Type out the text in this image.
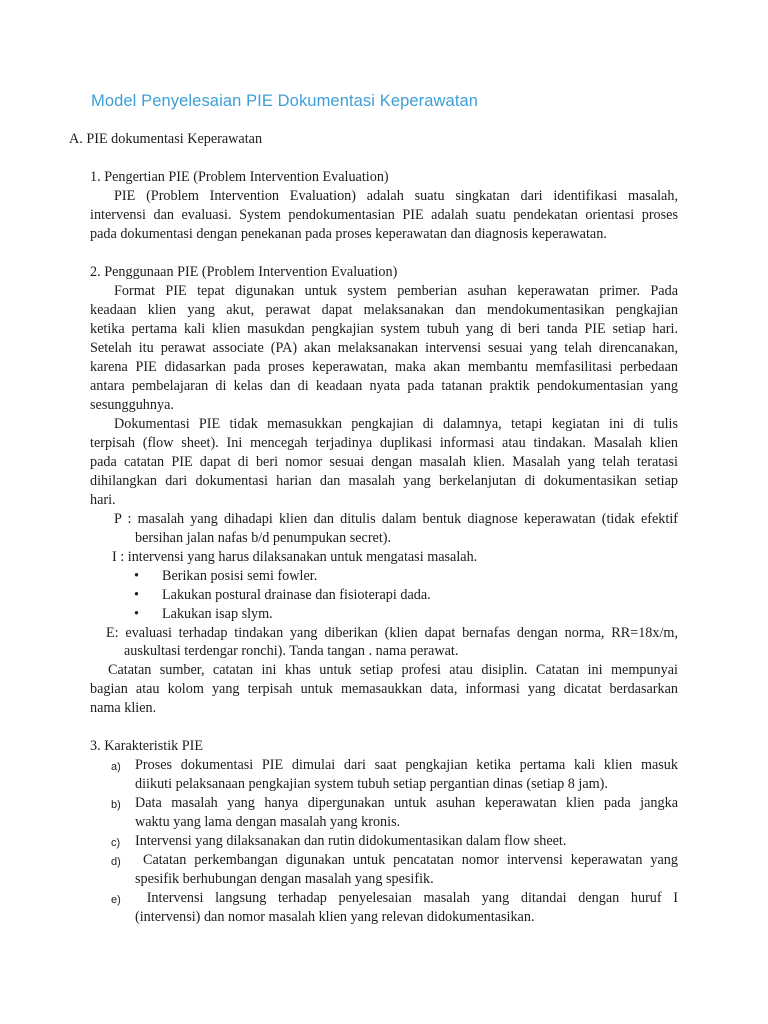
Model Penyelesaian PIE Dokumentasi Keperawatan
A. PIE dokumentasi Keperawatan
1. Pengertian PIE (Problem Intervention Evaluation)
PIE (Problem Intervention Evaluation) adalah suatu singkatan dari identifikasi masalah,
intervensi dan evaluasi. System pendokumentasian PIE adalah suatu pendekatan orientasi proses
pada dokumentasi dengan penekanan pada proses keperawatan dan diagnosis keperawatan.
2. Penggunaan PIE (Problem Intervention Evaluation)
Format PIE tepat digunakan untuk system pemberian asuhan keperawatan primer. Pada
keadaan klien yang akut, perawat dapat melaksanakan dan mendokumentasikan pengkajian
ketika pertama kali klien masukdan pengkajian system tubuh yang di beri tanda PIE setiap hari.
Setelah itu perawat associate (PA) akan melaksanakan intervensi sesuai yang telah direncanakan,
karena PIE didasarkan pada proses keperawatan, maka akan membantu memfasilitasi perbedaan
antara pembelajaran di kelas dan di keadaan nyata pada tatanan praktik pendokumentasian yang
sesungguhnya.
Dokumentasi PIE tidak memasukkan pengkajian di dalamnya, tetapi kegiatan ini di tulis
terpisah (flow sheet). Ini mencegah terjadinya duplikasi informasi atau tindakan. Masalah klien
pada catatan PIE dapat di beri nomor sesuai dengan masalah klien. Masalah yang telah teratasi
dihilangkan dari dokumentasi harian dan masalah yang berkelanjutan di dokumentasikan setiap
hari.
P : masalah yang dihadapi klien dan ditulis dalam bentuk diagnose keperawatan (tidak efektif
bersihan jalan nafas b/d penumpukan secret).
I : intervensi yang harus dilaksanakan untuk mengatasi masalah.
• Berikan posisi semi fowler.
• Lakukan postural drainase dan fisioterapi dada.
• Lakukan isap slym.
E: evaluasi terhadap tindakan yang diberikan (klien dapat bernafas dengan norma, RR=18x/m,
auskultasi terdengar ronchi). Tanda tangan . nama perawat.
Catatan sumber, catatan ini khas untuk setiap profesi atau disiplin. Catatan ini mempunyai
bagian atau kolom yang terpisah untuk memasaukkan data, informasi yang dicatat berdasarkan
nama klien.
3. Karakteristik PIE
a) Proses dokumentasi PIE dimulai dari saat pengkajian ketika pertama kali klien masuk
diikuti pelaksanaan pengkajian system tubuh setiap pergantian dinas (setiap 8 jam).
b) Data masalah yang hanya dipergunakan untuk asuhan keperawatan klien pada jangka
waktu yang lama dengan masalah yang kronis.
c) Intervensi yang dilaksanakan dan rutin didokumentasikan dalam flow sheet.
d) Catatan perkembangan digunakan untuk pencatatan nomor intervensi keperawatan yang
spesifik berhubungan dengan masalah yang spesifik.
e) Intervensi langsung terhadap penyelesaian masalah yang ditandai dengan huruf I
(intervensi) dan nomor masalah klien yang relevan didokumentasikan.
